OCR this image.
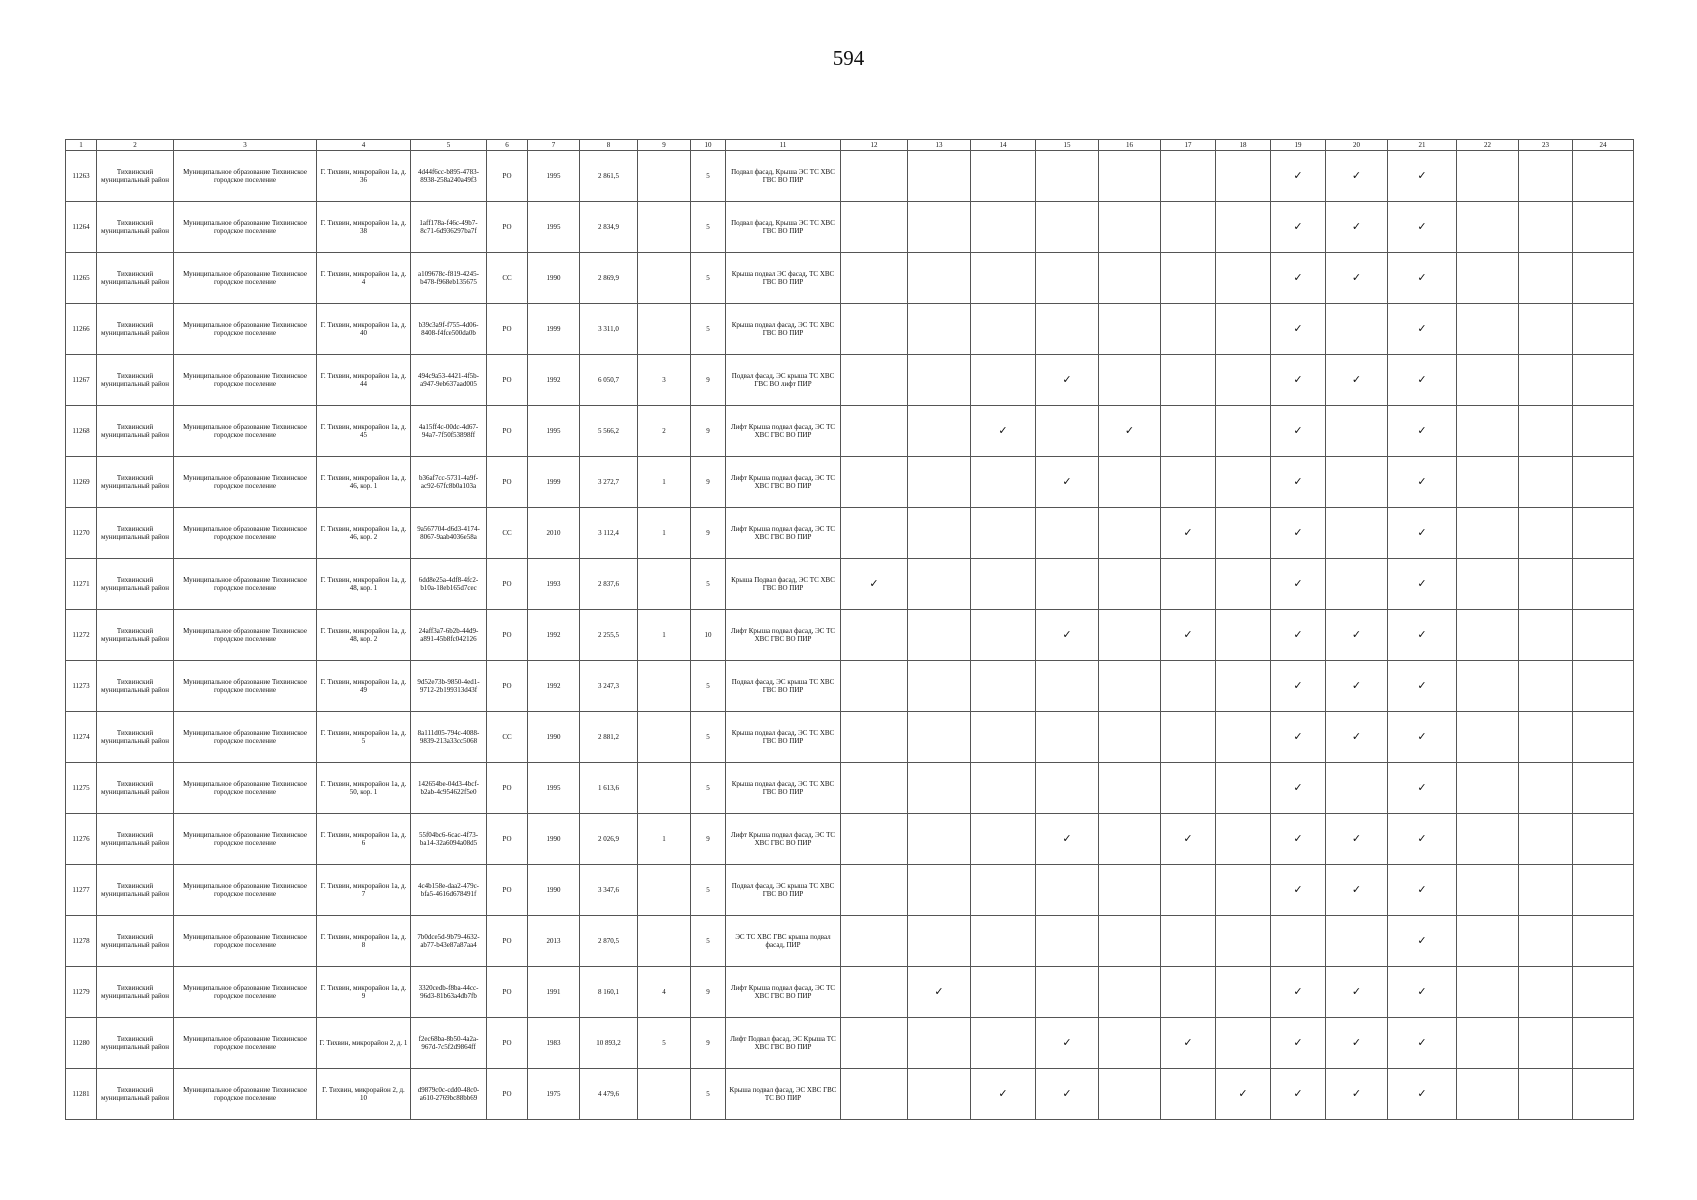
594
1	2	3	4	5	6	7	8	9	10	11	12	13	14	15	16	17	18	19	20	21	22	23	24
11263	Тихвинский муниципальный район	Муниципальное образование Тихвинское городское поселение	Г. Тихвин, микрорайон 1а, д. 36	4d44f6cc-b895-4783-8938-258a240a49f3	РО	1995	2 861,5		5	Подвал фасад, Крыша ЭС ТС ХВС ГВС ВО ПИР								✓	✓	✓			
11264	Тихвинский муниципальный район	Муниципальное образование Тихвинское городское поселение	Г. Тихвин, микрорайон 1а, д. 38	1aff178a-f46c-49b7-8c71-6d936297ba7f	РО	1995	2 834,9		5	Подвал фасад, Крыша ЭС ТС ХВС ГВС ВО ПИР								✓	✓	✓			
11265	Тихвинский муниципальный район	Муниципальное образование Тихвинское городское поселение	Г. Тихвин, микрорайон 1а, д. 4	a109678c-f819-4245-b478-f968eb135675	СС	1990	2 869,9		5	Крыша подвал ЭС фасад, ТС ХВС ГВС ВО ПИР								✓	✓	✓			
11266	Тихвинский муниципальный район	Муниципальное образование Тихвинское городское поселение	Г. Тихвин, микрорайон 1а, д. 40	b39c3a9f-f755-4d06-8408-f4fce500da0b	РО	1999	3 311,0		5	Крыша подвал фасад, ЭС ТС ХВС ГВС ВО ПИР								✓		✓			
11267	Тихвинский муниципальный район	Муниципальное образование Тихвинское городское поселение	Г. Тихвин, микрорайон 1а, д. 44	494c9a53-4421-4f5b-a947-9eb637aad005	РО	1992	6 050,7	3	9	Подвал фасад, ЭС крыша ТС ХВС ГВС ВО лифт ПИР				✓				✓	✓	✓			
11268	Тихвинский муниципальный район	Муниципальное образование Тихвинское городское поселение	Г. Тихвин, микрорайон 1а, д. 45	4a15ff4c-00dc-4d67-94a7-7f50f53898ff	РО	1995	5 566,2	2	9	Лифт Крыша подвал фасад, ЭС ТС ХВС ГВС ВО ПИР			✓		✓			✓		✓			
11269	Тихвинский муниципальный район	Муниципальное образование Тихвинское городское поселение	Г. Тихвин, микрорайон 1а, д. 46, кор. 1	b36af7cc-5731-4a9f-ac92-67fc8b0a103a	РО	1999	3 272,7	1	9	Лифт Крыша подвал фасад, ЭС ТС ХВС ГВС ВО ПИР				✓				✓		✓			
11270	Тихвинский муниципальный район	Муниципальное образование Тихвинское городское поселение	Г. Тихвин, микрорайон 1а, д. 46, кор. 2	9a567704-d6d3-4174-8067-9aab4036e58a	СС	2010	3 112,4	1	9	Лифт Крыша подвал фасад, ЭС ТС ХВС ГВС ВО ПИР						✓		✓		✓			
11271	Тихвинский муниципальный район	Муниципальное образование Тихвинское городское поселение	Г. Тихвин, микрорайон 1а, д. 48, кор. 1	6dd8e25a-4df8-4fc2-b10a-18eb165d7cec	РО	1993	2 837,6		5	Крыша Подвал фасад, ЭС ТС ХВС ГВС ВО ПИР	✓							✓		✓			
11272	Тихвинский муниципальный район	Муниципальное образование Тихвинское городское поселение	Г. Тихвин, микрорайон 1а, д. 48, кор. 2	24aff3a7-6b2b-44d9-a891-45b8fc042126	РО	1992	2 255,5	1	10	Лифт Крыша подвал фасад, ЭС ТС ХВС ГВС ВО ПИР				✓		✓		✓	✓	✓			
11273	Тихвинский муниципальный район	Муниципальное образование Тихвинское городское поселение	Г. Тихвин, микрорайон 1а, д. 49	9d52e73b-9850-4ed1-9712-2b199313d43f	РО	1992	3 247,3		5	Подвал фасад, ЭС крыша ТС ХВС ГВС ВО ПИР								✓	✓	✓			
11274	Тихвинский муниципальный район	Муниципальное образование Тихвинское городское поселение	Г. Тихвин, микрорайон 1а, д. 5	8a111d05-794c-4088-9839-213a33cc5068	СС	1990	2 881,2		5	Крыша подвал фасад, ЭС ТС ХВС ГВС ВО ПИР								✓	✓	✓			
11275	Тихвинский муниципальный район	Муниципальное образование Тихвинское городское поселение	Г. Тихвин, микрорайон 1а, д. 50, кор. 1	142654be-04d3-4bcf-b2ab-4c954622f5e0	РО	1995	1 613,6		5	Крыша подвал фасад, ЭС ТС ХВС ГВС ВО ПИР								✓		✓			
11276	Тихвинский муниципальный район	Муниципальное образование Тихвинское городское поселение	Г. Тихвин, микрорайон 1а, д. 6	55f04bc6-6cac-4f73-ba14-32a6094a08d5	РО	1990	2 026,9	1	9	Лифт Крыша подвал фасад, ЭС ТС ХВС ГВС ВО ПИР				✓		✓		✓	✓	✓			
11277	Тихвинский муниципальный район	Муниципальное образование Тихвинское городское поселение	Г. Тихвин, микрорайон 1а, д. 7	4c4b158e-daa2-479c-bfa5-4616d678491f	РО	1990	3 347,6		5	Подвал фасад, ЭС крыша ТС ХВС ГВС ВО ПИР								✓	✓	✓			
11278	Тихвинский муниципальный район	Муниципальное образование Тихвинское городское поселение	Г. Тихвин, микрорайон 1а, д. 8	7b0dce5d-9b79-4632-ab77-b43e87a87aa4	РО	2013	2 870,5		5	ЭС ТС ХВС ГВС крыша подвал фасад, ПИР										✓			
11279	Тихвинский муниципальный район	Муниципальное образование Тихвинское городское поселение	Г. Тихвин, микрорайон 1а, д. 9	3320cedb-f8ba-44cc-96d3-81b63a4db7fb	РО	1991	8 160,1	4	9	Лифт Крыша подвал фасад, ЭС ТС ХВС ГВС ВО ПИР		✓						✓	✓	✓			
11280	Тихвинский муниципальный район	Муниципальное образование Тихвинское городское поселение	Г. Тихвин, микрорайон 2, д. 1	f2ec68ba-8b50-4a2a-967d-7c5f2d9864ff	РО	1983	10 893,2	5	9	Лифт Подвал фасад, ЭС Крыша ТС ХВС ГВС ВО ПИР				✓		✓		✓	✓	✓			
11281	Тихвинский муниципальный район	Муниципальное образование Тихвинское городское поселение	Г. Тихвин, микрорайон 2, д. 10	d9879c0c-cdd0-48c0-a610-2769bc88bb69	РО	1975	4 479,6		5	Крыша подвал фасад, ЭС ХВС ГВС ТС ВО ПИР			✓	✓			✓	✓	✓	✓			
